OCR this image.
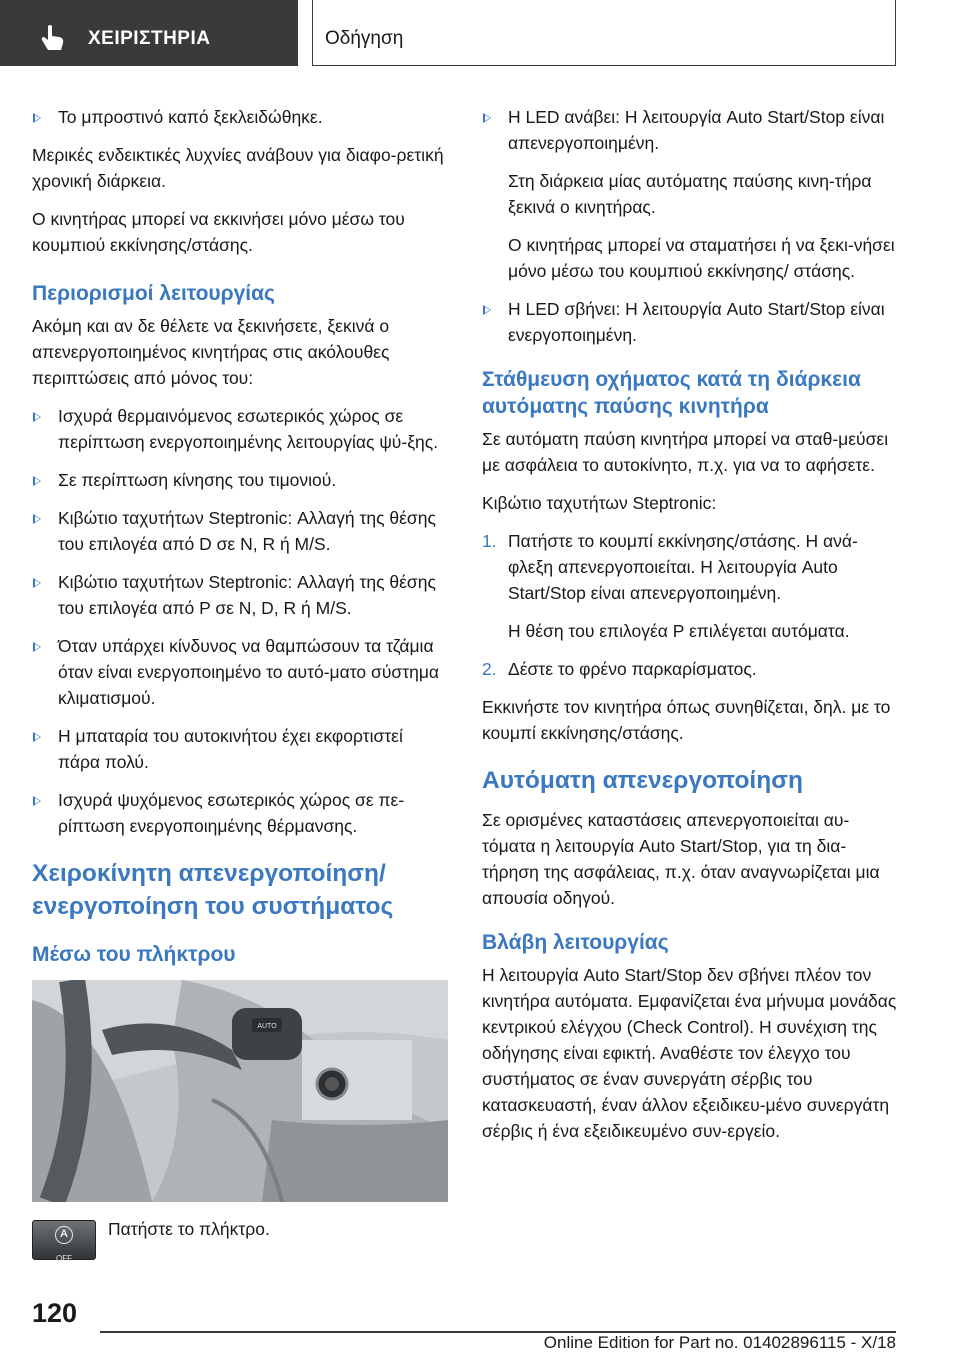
ΧΕΙΡΙΣΤΗΡΙΑ	Οδήγηση
Το μπροστινό καπό ξεκλειδώθηκε.

Μερικές ενδεικτικές λυχνίες ανάβουν για διαφο‐ρετική χρονική διάρκεια.

Ο κινητήρας μπορεί να εκκινήσει μόνο μέσω του κουμπιού εκκίνησης/στάσης.

Περιορισμοί λειτουργίας

Ακόμη και αν δε θέλετε να ξεκινήσετε, ξεκινά ο απενεργοποιημένος κινητήρας στις ακόλουθες περιπτώσεις από μόνος του:

Ισχυρά θερμαινόμενος εσωτερικός χώρος σε περίπτωση ενεργοποιημένης λειτουργίας ψύ‐ξης.
Σε περίπτωση κίνησης του τιμονιού.
Κιβώτιο ταχυτήτων Steptronic: Αλλαγή της θέσης του επιλογέα από D σε N, R ή M/S.
Κιβώτιο ταχυτήτων Steptronic: Αλλαγή της θέσης του επιλογέα από P σε N, D, R ή M/S.
Όταν υπάρχει κίνδυνος να θαμπώσουν τα τζάμια όταν είναι ενεργοποιημένο το αυτό‐ματο σύστημα κλιματισμού.
Η μπαταρία του αυτοκινήτου έχει εκφορτιστεί πάρα πολύ.
Ισχυρά ψυχόμενος εσωτερικός χώρος σε πε‐ρίπτωση ενεργοποιημένης θέρμανσης.
Χειροκίνητη απενεργοποίηση/ ενεργοποίηση του συστήματος
Μέσω του πλήκτρου
AUTO
A
OFF
Πατήστε το πλήκτρο.
Η LED ανάβει: Η λειτουργία Auto Start/Stop είναι απενεργοποιημένη.

Στη διάρκεια μίας αυτόματης παύσης κινη‐τήρα ξεκινά ο κινητήρας.

Ο κινητήρας μπορεί να σταματήσει ή να ξεκι‐νήσει μόνο μέσω του κουμπιού εκκίνησης/ στάσης.

Η LED σβήνει: Η λειτουργία Auto Start/Stop είναι ενεργοποιημένη.
Στάθμευση οχήματος κατά τη διάρκεια αυτόματης παύσης κινητήρα

Σε αυτόματη παύση κινητήρα μπορεί να σταθ‐μεύσει με ασφάλεια το αυτοκίνητο, π.χ. για να το αφήσετε.

Κιβώτιο ταχυτήτων Steptronic:

1. Πατήστε το κουμπί εκκίνησης/στάσης. Η ανά‐φλεξη απενεργοποιείται. Η λειτουργία Auto Start/Stop είναι απενεργοποιημένη.

Η θέση του επιλογέα P επιλέγεται αυτόματα.

2. Δέστε το φρένο παρκαρίσματος.

Εκκινήστε τον κινητήρα όπως συνηθίζεται, δηλ. με το κουμπί εκκίνησης/στάσης.

Αυτόματη απενεργοποίηση

Σε ορισμένες καταστάσεις απενεργοποιείται αυ‐τόματα η λειτουργία Auto Start/Stop, για τη δια‐τήρηση της ασφάλειας, π.χ. όταν αναγνωρίζεται μια απουσία οδηγού.

Βλάβη λειτουργίας

Η λειτουργία Auto Start/Stop δεν σβήνει πλέον τον κινητήρα αυτόματα. Εμφανίζεται ένα μήνυμα μονάδας κεντρικού ελέγχου (Check Control). Η συνέχιση της οδήγησης είναι εφικτή. Αναθέστε τον έλεγχο του συστήματος σε έναν συνεργάτη σέρβις του κατασκευαστή, έναν άλλον εξειδικευ‐μένο συνεργάτη σέρβις ή ένα εξειδικευμένο συν‐εργείο.

120
Online Edition for Part no. 01402896115 - X/18
